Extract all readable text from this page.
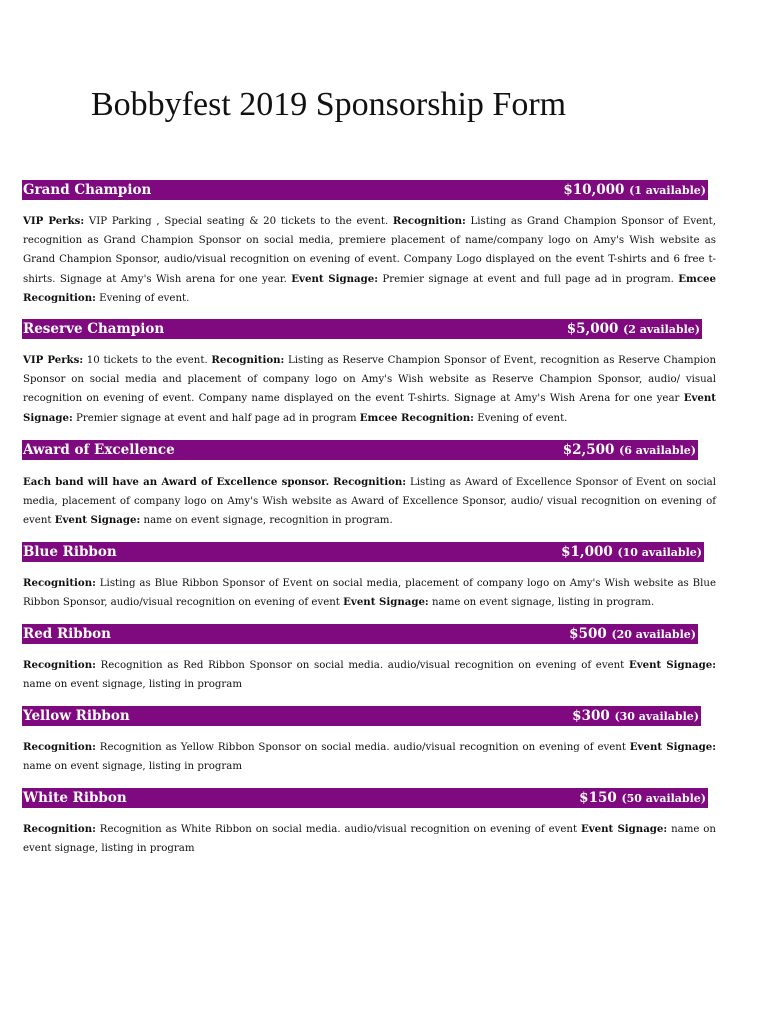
Bobbyfest 2019 Sponsorship Form
Grand Champion	$10,000 (1 available)

VIP Perks: VIP Parking , Special seating & 20 tickets to the event. Recognition: Listing as Grand Champion Sponsor of Event, recognition as Grand Champion Sponsor on social media, premiere placement of name/company logo on Amy's Wish website as Grand Champion Sponsor, audio/visual recognition on evening of event. Company Logo displayed on the event T-shirts and 6 free t-shirts. Signage at Amy's Wish arena for one year. Event Signage: Premier signage at event and full page ad in program. Emcee Recognition: Evening of event.

Reserve Champion	$5,000 (2 available)

VIP Perks: 10 tickets to the event. Recognition: Listing as Reserve Champion Sponsor of Event, recognition as Reserve Champion Sponsor on social media and placement of company logo on Amy's Wish website as Reserve Champion Sponsor, audio/ visual recognition on evening of event. Company name displayed on the event T-shirts. Signage at Amy's Wish Arena for one year Event Signage: Premier signage at event and half page ad in program Emcee Recognition: Evening of event.

Award of Excellence	$2,500 (6 available)

Each band will have an Award of Excellence sponsor. Recognition: Listing as Award of Excellence Sponsor of Event on social media, placement of company logo on Amy's Wish website as Award of Excellence Sponsor, audio/ visual recognition on evening of event Event Signage: name on event signage, recognition in program.

Blue Ribbon	$1,000 (10 available)

Recognition: Listing as Blue Ribbon Sponsor of Event on social media, placement of company logo on Amy's Wish website as Blue Ribbon Sponsor, audio/visual recognition on evening of event Event Signage: name on event signage, listing in program.

Red Ribbon	$500 (20 available)

Recognition: Recognition as Red Ribbon Sponsor on social media. audio/visual recognition on evening of event Event Signage: name on event signage, listing in program

Yellow Ribbon	$300 (30 available)

Recognition: Recognition as Yellow Ribbon Sponsor on social media. audio/visual recognition on evening of event Event Signage: name on event signage, listing in program

White Ribbon	$150 (50 available)

Recognition: Recognition as White Ribbon on social media. audio/visual recognition on evening of event Event Signage: name on event signage, listing in program
